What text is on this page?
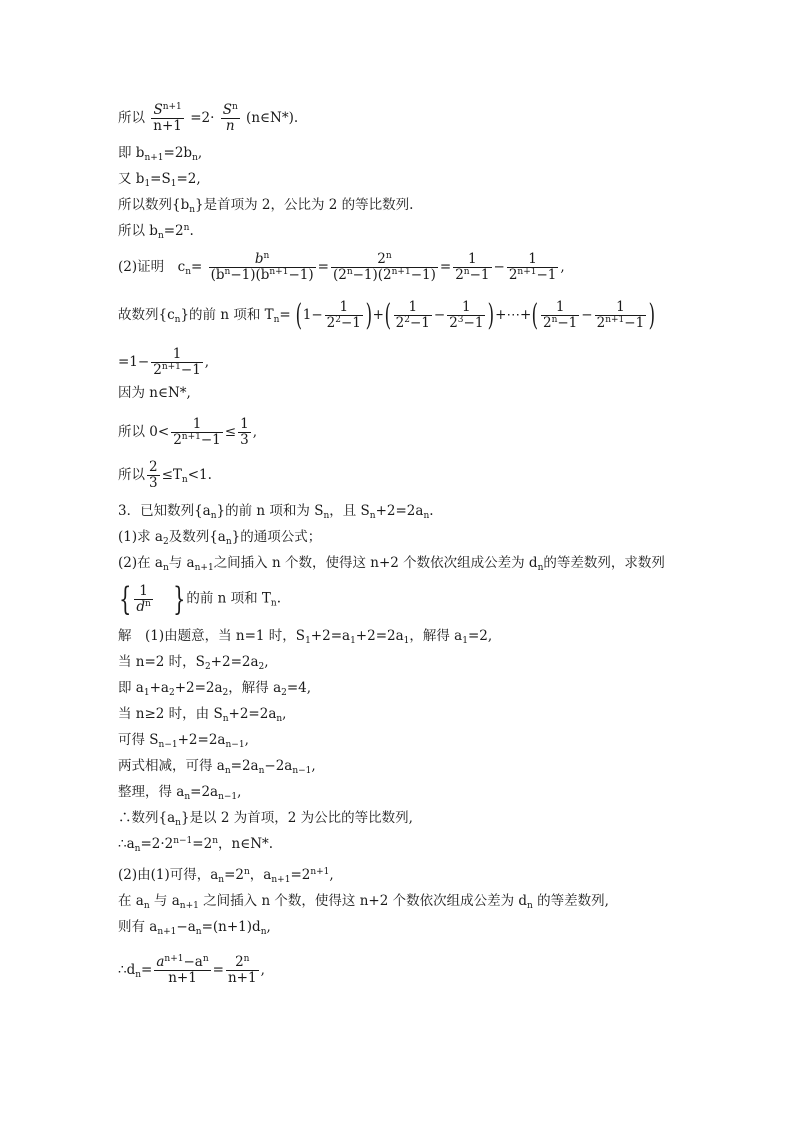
所以 $\frac{S^{n+1}}{n+1} =2\cdot \frac{S^n}{n}$ (n∈N*).
即 $b_{n+1}=2b_n$,
又 $b_1=S_1=2$,
所以数列$\{b_n\}$是首项为 2，公比为 2 的等比数列.
所以 $b_n=2^n$.
(2)证明　$c_n= \frac{b^n}{(b^n-1)(b^{n+1}-1)} = \frac{2^n}{(2^n-1)(2^{n+1}-1)} = \frac{1}{2^n-1} - \frac{1}{2^{n+1}-1}$ ,
故数列$\{c_n\}$的前 n 项和 $T_n= (1- \frac{1}{2^2-1}$ )+( $\frac{1}{2^2-1} - \frac{1}{2^3-1}$ )+⋯+( $\frac{1}{2^n-1} - \frac{1}{2^{n+1}-1}$ )
$=1- \frac{1}{2^{n+1}-1}$ ,
因为 n∈N*,
所以 $0< \frac{1}{2^{n+1}-1} \le \frac{1}{3}$ ,
所以 $\frac{2}{3} \le T_n<1$.
3．已知数列$\{a_n\}$的前 n 项和为 $S_n$，且 $S_n+2=2a_n$.
(1)求 $a_2$及数列$\{a_n\}$的通项公式；
(2)在 $a_n$与 $a_{n+1}$之间插入 n 个数，使得这 n+2 个数依次组成公差为 $d_n$的等差数列，求数列
{ $\frac{1}{d^n}$ }的前 n 项和 $T_n$.
解　(1)由题意，当 n=1 时，$S_1+2=a_1+2=2a_1$，解得 $a_1=2$,
当 n=2 时，$S_2+2=2a_2$,
即 $a_1+a_2+2=2a_2$，解得 $a_2=4$,
当 n≥2 时，由 $S_n+2=2a_n$,
可得 $S_{n-1}+2=2a_{n-1}$,
两式相减，可得 $a_n=2a_n-2a_{n-1}$,
整理，得 $a_n=2a_{n-1}$,
∴数列$\{a_n\}$是以 2 为首项，2 为公比的等比数列,
$\therefore a_n=2\cdot 2^{n-1}=2^n$，n∈N*.
(2)由(1)可得，$a_n=2^n$，$a_{n+1}=2^{n+1}$,
在 $a_n$ 与 $a_{n+1}$ 之间插入 n 个数，使得这 n+2 个数依次组成公差为 $d_n$ 的等差数列,
则有 $a_{n+1}-a_n=(n+1)d_n$,
$\therefore d_n= \frac{a^{n+1}-a^n}{n+1} = \frac{2^n}{n+1}$ ,
